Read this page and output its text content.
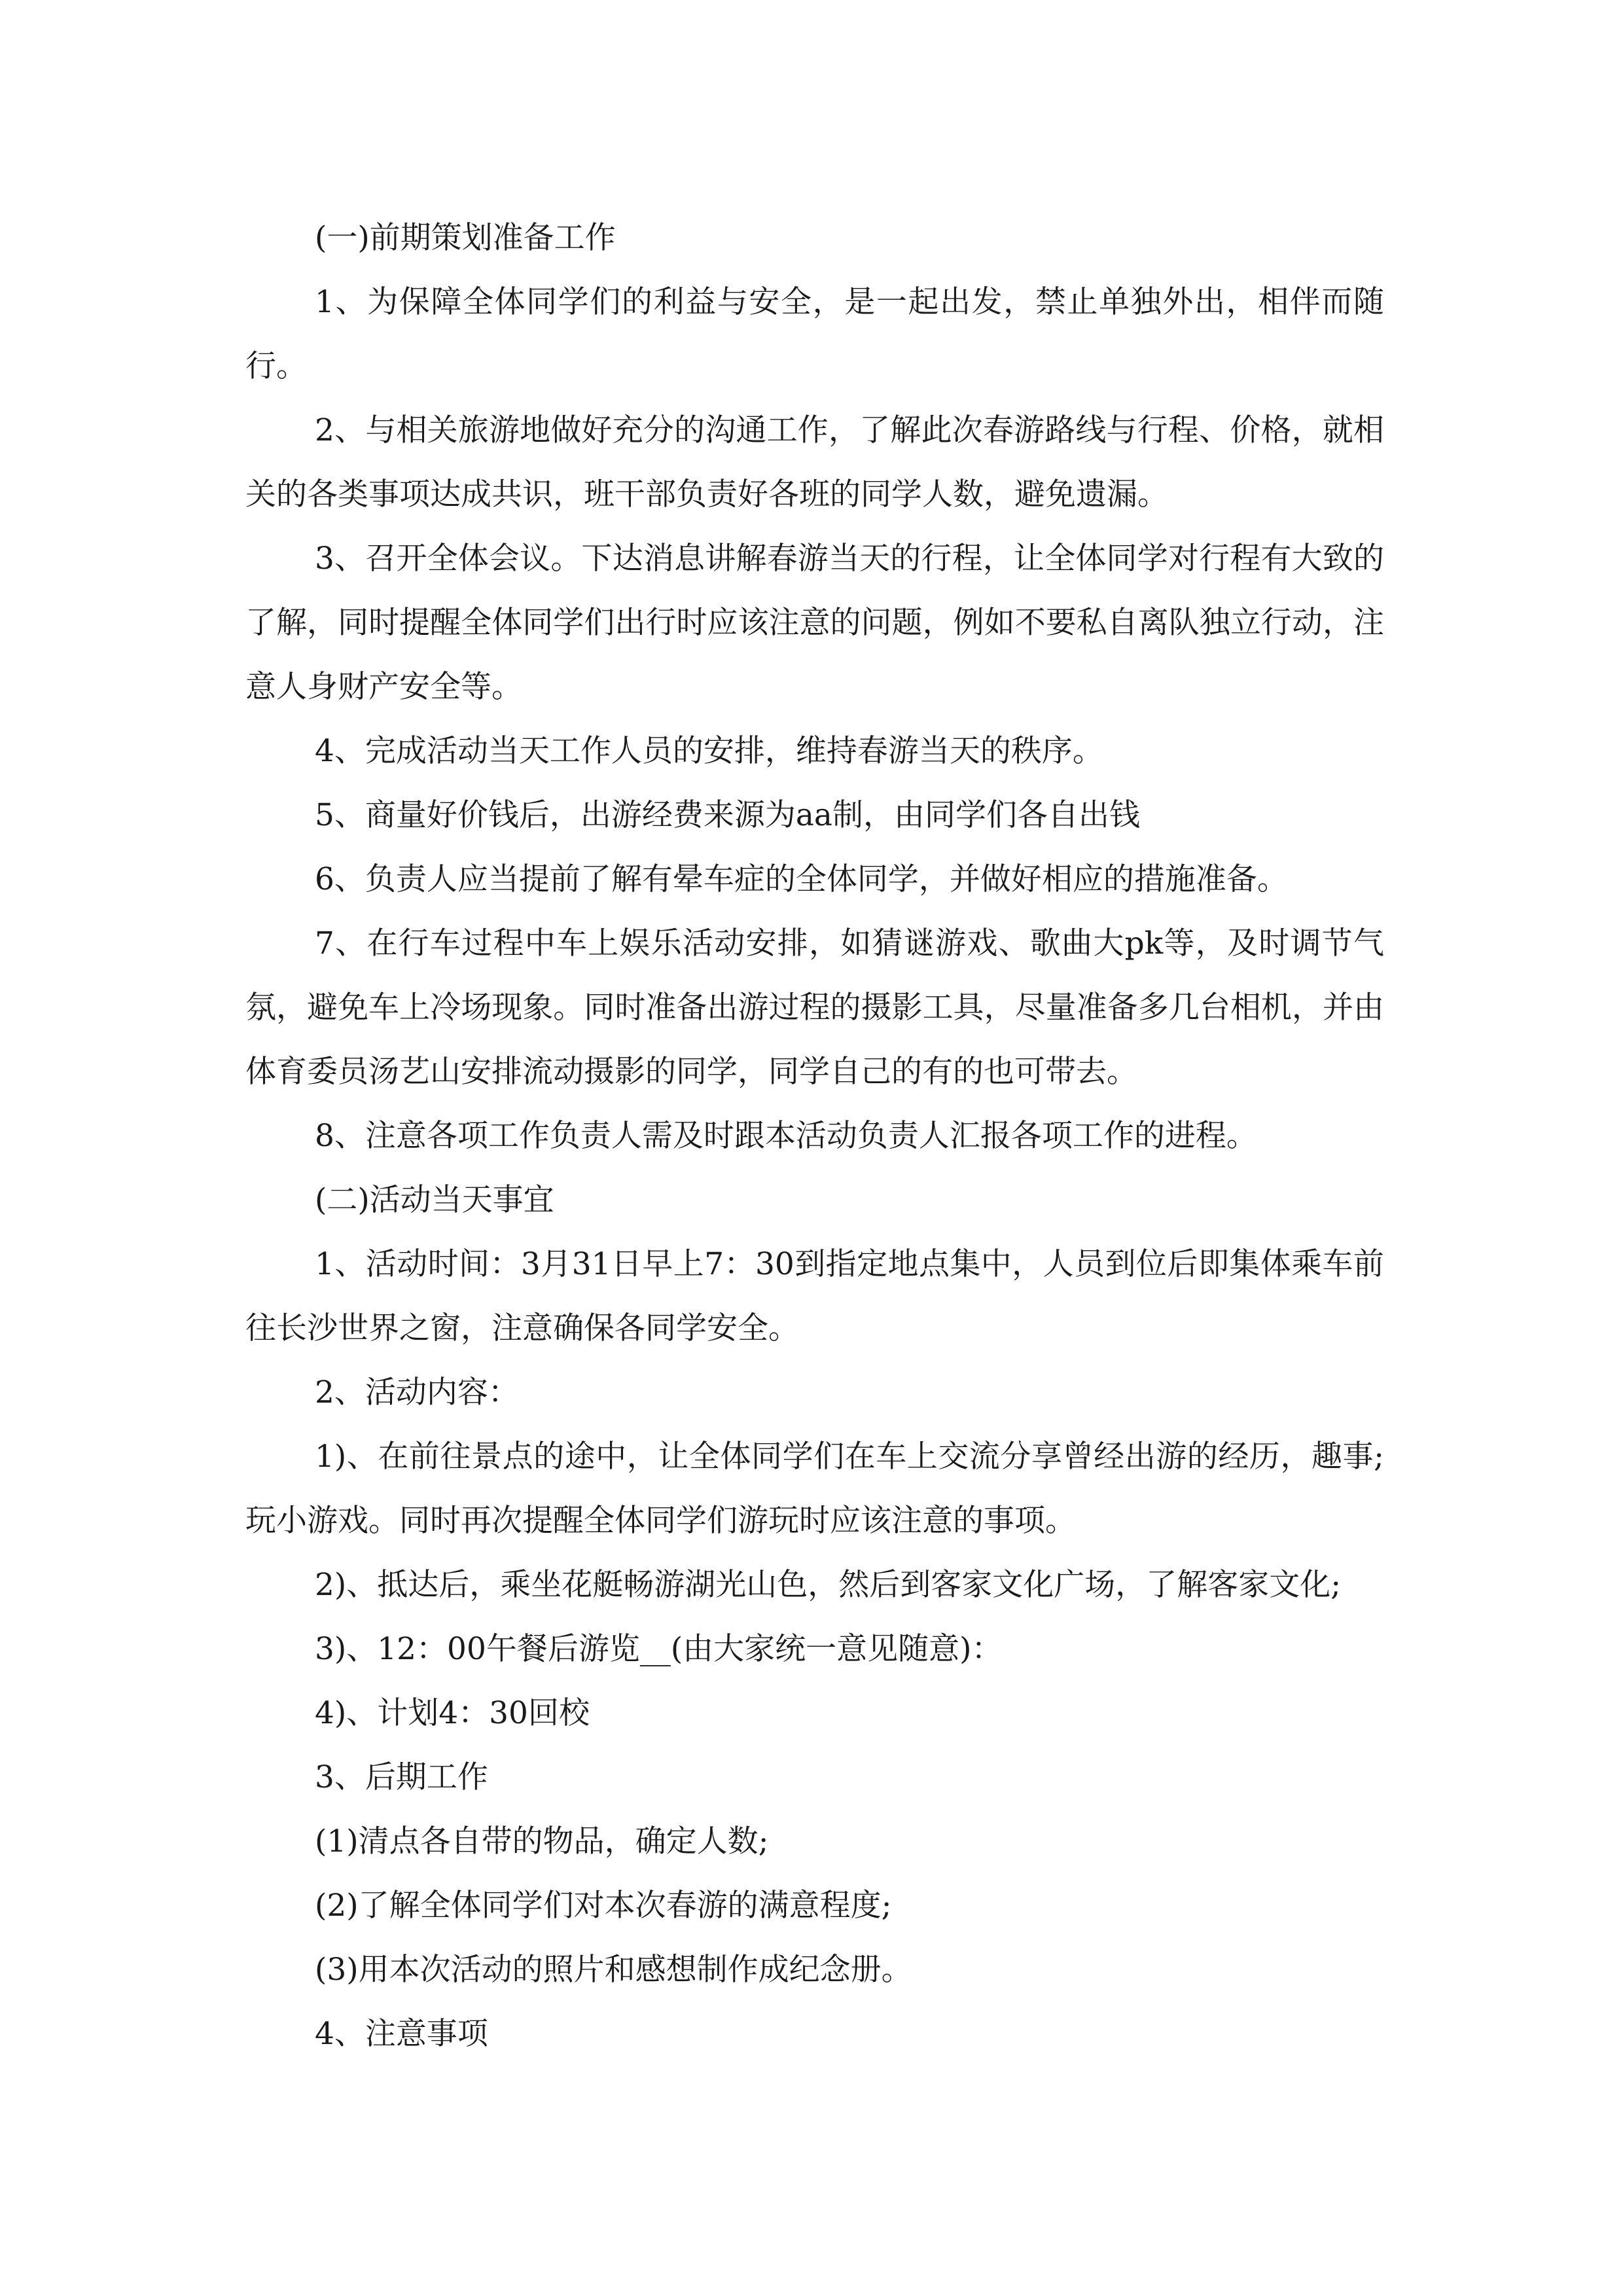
(一)前期策划准备工作

1、为保障全体同学们的利益与安全，是一起出发，禁止单独外出，相伴而随行。

2、与相关旅游地做好充分的沟通工作，了解此次春游路线与行程、价格，就相关的各类事项达成共识，班干部负责好各班的同学人数，避免遗漏。

3、召开全体会议。下达消息讲解春游当天的行程，让全体同学对行程有大致的了解，同时提醒全体同学们出行时应该注意的问题，例如不要私自离队独立行动，注意人身财产安全等。

4、完成活动当天工作人员的安排，维持春游当天的秩序。

5、商量好价钱后，出游经费来源为aa制，由同学们各自出钱

6、负责人应当提前了解有晕车症的全体同学，并做好相应的措施准备。

7、在行车过程中车上娱乐活动安排，如猜谜游戏、歌曲大pk等，及时调节气氛，避免车上冷场现象。同时准备出游过程的摄影工具，尽量准备多几台相机，并由体育委员汤艺山安排流动摄影的同学，同学自己的有的也可带去。

8、注意各项工作负责人需及时跟本活动负责人汇报各项工作的进程。

(二)活动当天事宜

1、活动时间：3月31日早上7：30到指定地点集中，人员到位后即集体乘车前往长沙世界之窗，注意确保各同学安全。

2、活动内容：

1)、在前往景点的途中，让全体同学们在车上交流分享曾经出游的经历，趣事;玩小游戏。同时再次提醒全体同学们游玩时应该注意的事项。

2)、抵达后，乘坐花艇畅游湖光山色，然后到客家文化广场，了解客家文化;

3)、12：00午餐后游览__(由大家统一意见随意)：

4)、计划4：30回校

3、后期工作

(1)清点各自带的物品，确定人数;

(2)了解全体同学们对本次春游的满意程度;

(3)用本次活动的照片和感想制作成纪念册。

4、注意事项
